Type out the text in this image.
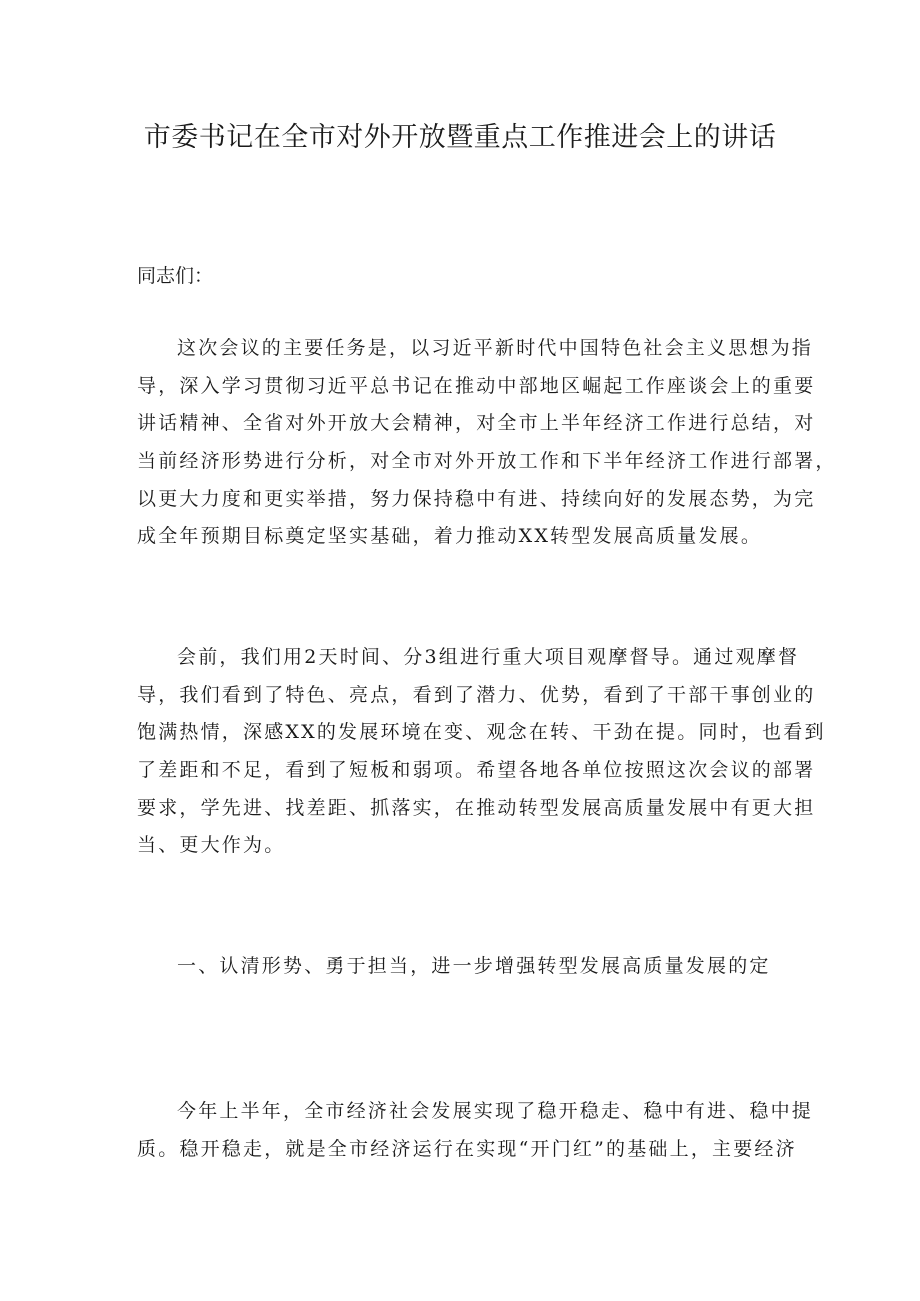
市委书记在全市对外开放暨重点工作推进会上的讲话

同志们：

这次会议的主要任务是，以习近平新时代中国特色社会主义思想为指
导，深入学习贯彻习近平总书记在推动中部地区崛起工作座谈会上的重要
讲话精神、全省对外开放大会精神，对全市上半年经济工作进行总结，对
当前经济形势进行分析，对全市对外开放工作和下半年经济工作进行部署，
以更大力度和更实举措，努力保持稳中有进、持续向好的发展态势，为完
成全年预期目标奠定坚实基础，着力推动XX转型发展高质量发展。
会前，我们用2天时间、分3组进行重大项目观摩督导。通过观摩督
导，我们看到了特色、亮点，看到了潜力、优势，看到了干部干事创业的
饱满热情，深感XX的发展环境在变、观念在转、干劲在提。同时，也看到
了差距和不足，看到了短板和弱项。希望各地各单位按照这次会议的部署
要求，学先进、找差距、抓落实，在推动转型发展高质量发展中有更大担
当、更大作为。

一、认清形势、勇于担当，进一步增强转型发展高质量发展的定

今年上半年，全市经济社会发展实现了稳开稳走、稳中有进、稳中提
质。稳开稳走，就是全市经济运行在实现“开门红”的基础上，主要经济
